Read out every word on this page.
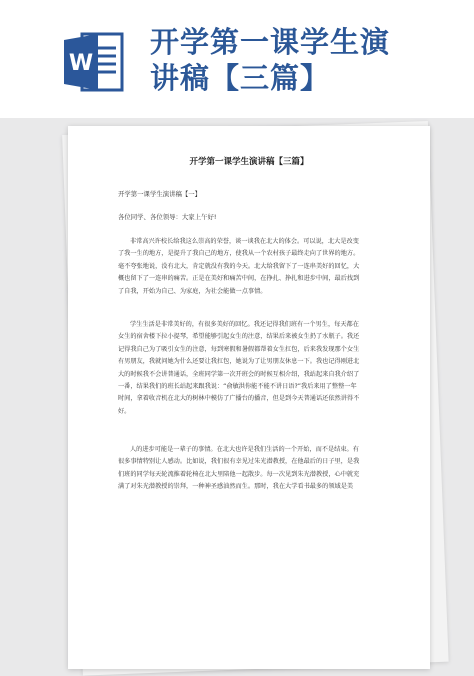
W
开学第一课学生演
讲稿【三篇】
开学第一课学生演讲稿【三篇】
开学第一课学生演讲稿【一】
各位同学、各位领导：大家上午好!
非常高兴许校长给我这么崇高的荣誉，谈一谈我在北大的体会。可以说，北大是改变
了我一生的地方，是提升了我自己的地方，使我从一个农村孩子最终走向了世界的地方。
毫不夸张地说，没有北大，肯定就没有我的今天。北大给我留下了一连串美好的回忆，大
概也留下了一连串的痛苦。正是在美好和痛苦中间，在挣扎、挣扎和进步中间，最后找到
了自我，开始为自己、为家庭，为社会能做一点事情。
学生生活是非常美好的，有很多美好的回忆。我还记得我们班有一个男生，每天都在
女生的宿舍楼下拉小提琴，希望能够引起女生的注意，结果后来被女生扔了水瓶子。我还
记得我自己为了吸引女生的注意，每到寒假和暑假都帮着女生扛包，后来我发现那个女生
有男朋友，我就问她为什么还要让我扛包，她说为了让男朋友休息一下。我也记得刚进北
大的时候我不会讲普通话，全班同学第一次开班会的时候互相介绍，我站起来自我介绍了
一番，结果我们的班长站起来跟我说：“俞敏洪你能不能不讲日语?”我后来用了整整一年
时间，拿着收音机在北大的树林中模仿了广播台的播音，但是到今天普通话还依然讲得不
好。
人的进步可能是一辈子的事情。在北大也许是我们生活的一个开始，而不是结束。有
很多事情特别让人感动。比如说，我们很有幸见过朱光潜教授，在他最后的日子里，是我
们班的同学每天轮流推着轮椅在北大里陪他一起散步。每一次见到朱光潜教授，心中就充
满了对朱光潜教授的崇拜，一种神圣感油然而生。那时，我在大学看书最多的领域是美
